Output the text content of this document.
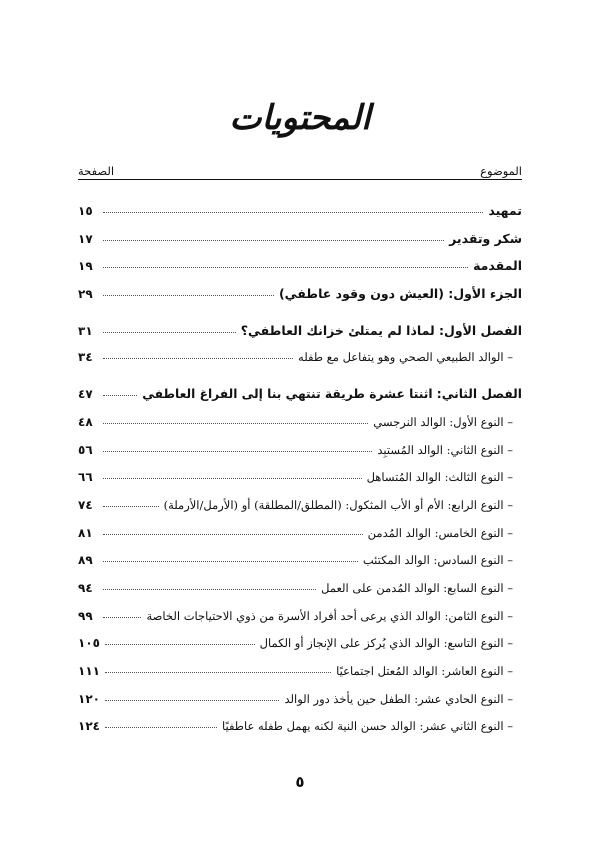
المحتويات
الموضوع
الصفحة
تمهيد
١٥
شكر وتقدير
١٧
المقدمة
١٩
الجزء الأول: (العيش دون وقود عاطفي)
٢٩
الفصل الأول: لماذا لم يمتلئ خزانك العاطفي؟
٣١
– الوالد الطبيعي الصحي وهو يتفاعل مع طفله
٣٤
الفصل الثاني: اثنتا عشرة طريقة تنتهي بنا إلى الفراغ العاطفي
٤٧
– النوع الأول: الوالد النرجسي
٤٨
– النوع الثاني: الوالد المُستبِد
٥٦
– النوع الثالث: الوالد المُتساهل
٦٦
– النوع الرابع: الأم أو الأب المثكول: (المطلق/المطلقة) أو (الأرمل/الأرملة)
٧٤
– النوع الخامس: الوالد المُدمن
٨١
– النوع السادس: الوالد المكتئب
٨٩
– النوع السابع: الوالد المُدمن على العمل
٩٤
– النوع الثامن: الوالد الذي يرعى أحد أفراد الأسرة من ذوي الاحتياجات الخاصة
٩٩
– النوع التاسع: الوالد الذي يُركز على الإنجاز أو الكمال
١٠٥
– النوع العاشر: الوالد المُعتل اجتماعيًا
١١١
– النوع الحادي عشر: الطفل حين يأخذ دور الوالد
١٢٠
– النوع الثاني عشر: الوالد حسن النية لكنه يهمل طفله عاطفيًا
١٢٤
٥
